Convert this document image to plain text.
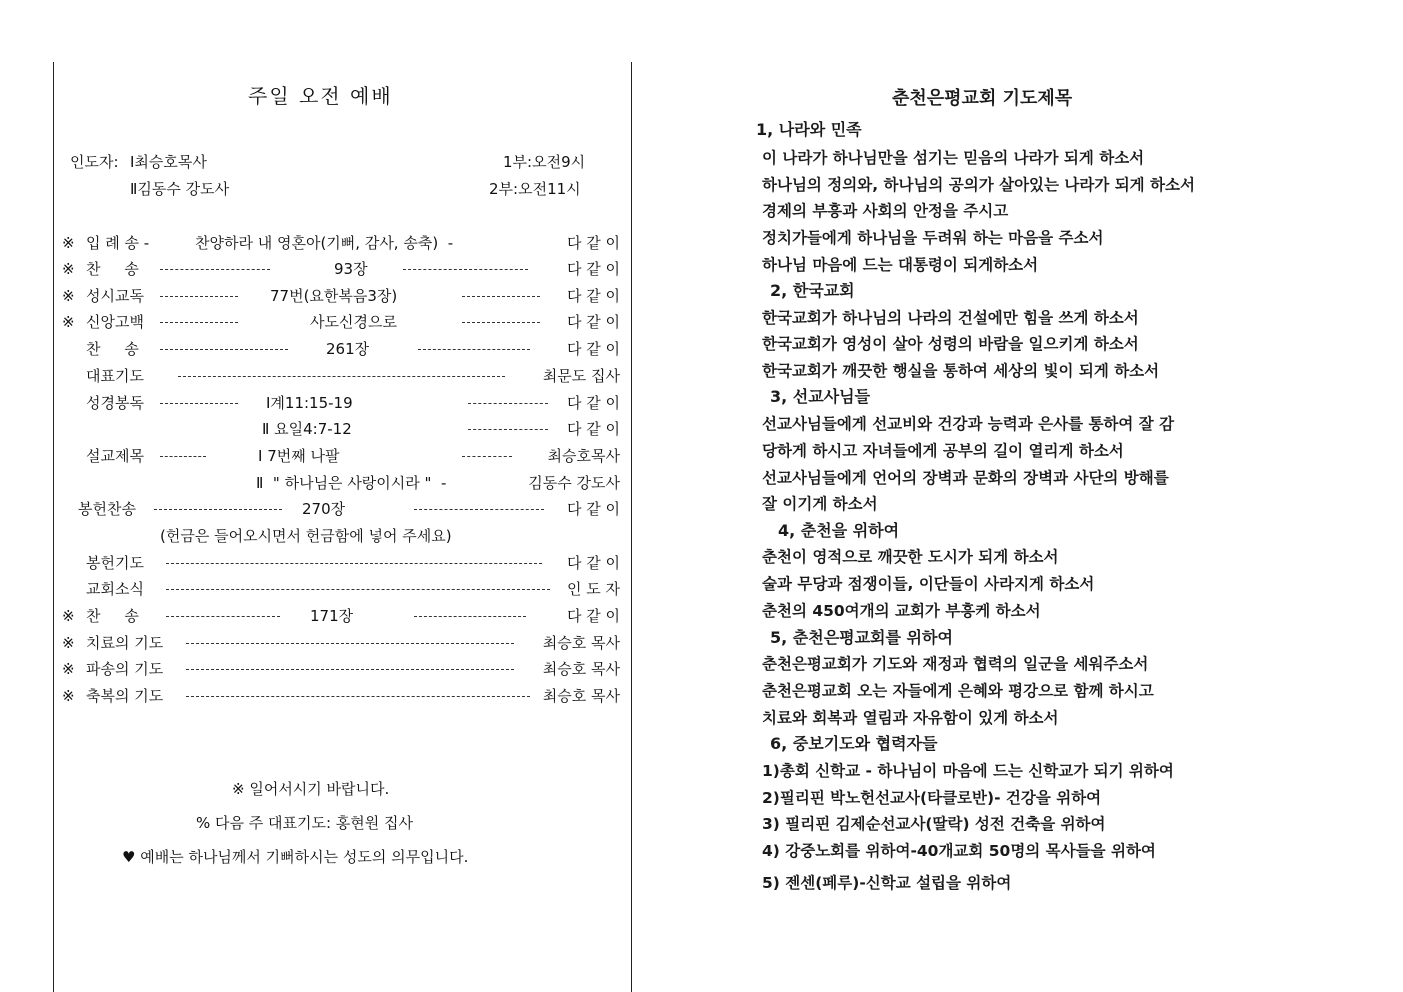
주일 오전 예배
인도자: Ⅰ최승호목사
Ⅱ김동수 강도사
1부:오전9시
2부:오전11시
※ 입 례 송 -	찬양하라 내 영혼아(기뻐, 감사, 송축)  -	다 같 이
※ 찬     송	93장	다 같 이
※ 성시교독	77번(요한복음3장)	다 같 이
※ 신앙고백	사도신경으로	다 같 이
찬     송	261장	다 같 이
대표기도	최문도 집사
성경봉독	Ⅰ계11:15-19	다 같 이
Ⅱ 요일4:7-12	다 같 이
설교제목	Ⅰ 7번째 나팔	최승호목사
Ⅱ  " 하나님은 사랑이시라 "  -	김동수 강도사
봉헌찬송	270장	다 같 이
(헌금은 들어오시면서 헌금함에 넣어 주세요)
봉헌기도	다 같 이
교회소식	인 도 자
※ 찬     송	171장	다 같 이
※ 치료의 기도	최승호 목사
※ 파송의 기도	최승호 목사
※ 축복의 기도	최승호 목사
※ 일어서시기 바랍니다.
% 다음 주 대표기도: 홍현원 집사
♥ 예배는 하나님께서 기뻐하시는 성도의 의무입니다.
춘천은평교회 기도제목
1, 나라와 민족
이 나라가 하나님만을 섬기는 믿음의 나라가 되게 하소서
하나님의 정의와, 하나님의 공의가 살아있는 나라가 되게 하소서
경제의 부흥과 사회의 안정을 주시고
정치가들에게 하나님을 두려워 하는 마음을 주소서
하나님 마음에 드는 대통령이 되게하소서
2, 한국교회
한국교회가 하나님의 나라의 건설에만 힘을 쓰게 하소서
한국교회가 영성이 살아 성령의 바람을 일으키게 하소서
한국교회가 깨끗한 행실을 통하여 세상의 빛이 되게 하소서
3, 선교사님들
선교사님들에게 선교비와 건강과 능력과 은사를 통하여 잘 감
당하게 하시고 자녀들에게 공부의 길이 열리게 하소서
선교사님들에게 언어의 장벽과 문화의 장벽과 사단의 방해를
잘 이기게 하소서
4, 춘천을 위하여
춘천이 영적으로 깨끗한 도시가 되게 하소서
술과 무당과 점쟁이들, 이단들이 사라지게 하소서
춘천의 450여개의 교회가 부흥케 하소서
5, 춘천은평교회를 위하여
춘천은평교회가 기도와 재정과 협력의 일군을 세워주소서
춘천은평교회 오는 자들에게 은혜와 평강으로 함께 하시고
치료와 회복과 열림과 자유함이 있게 하소서
6, 중보기도와 협력자들
1)총회 신학교 - 하나님이 마음에 드는 신학교가 되기 위하여
2)필리핀 박노헌선교사(타클로반)- 건강을 위하여
3) 필리핀 김제순선교사(딸락) 성전 건축을 위하여
4) 강중노회를 위하여-40개교회 50명의 목사들을 위하여
5) 젠센(페루)-신학교 설립을 위하여
